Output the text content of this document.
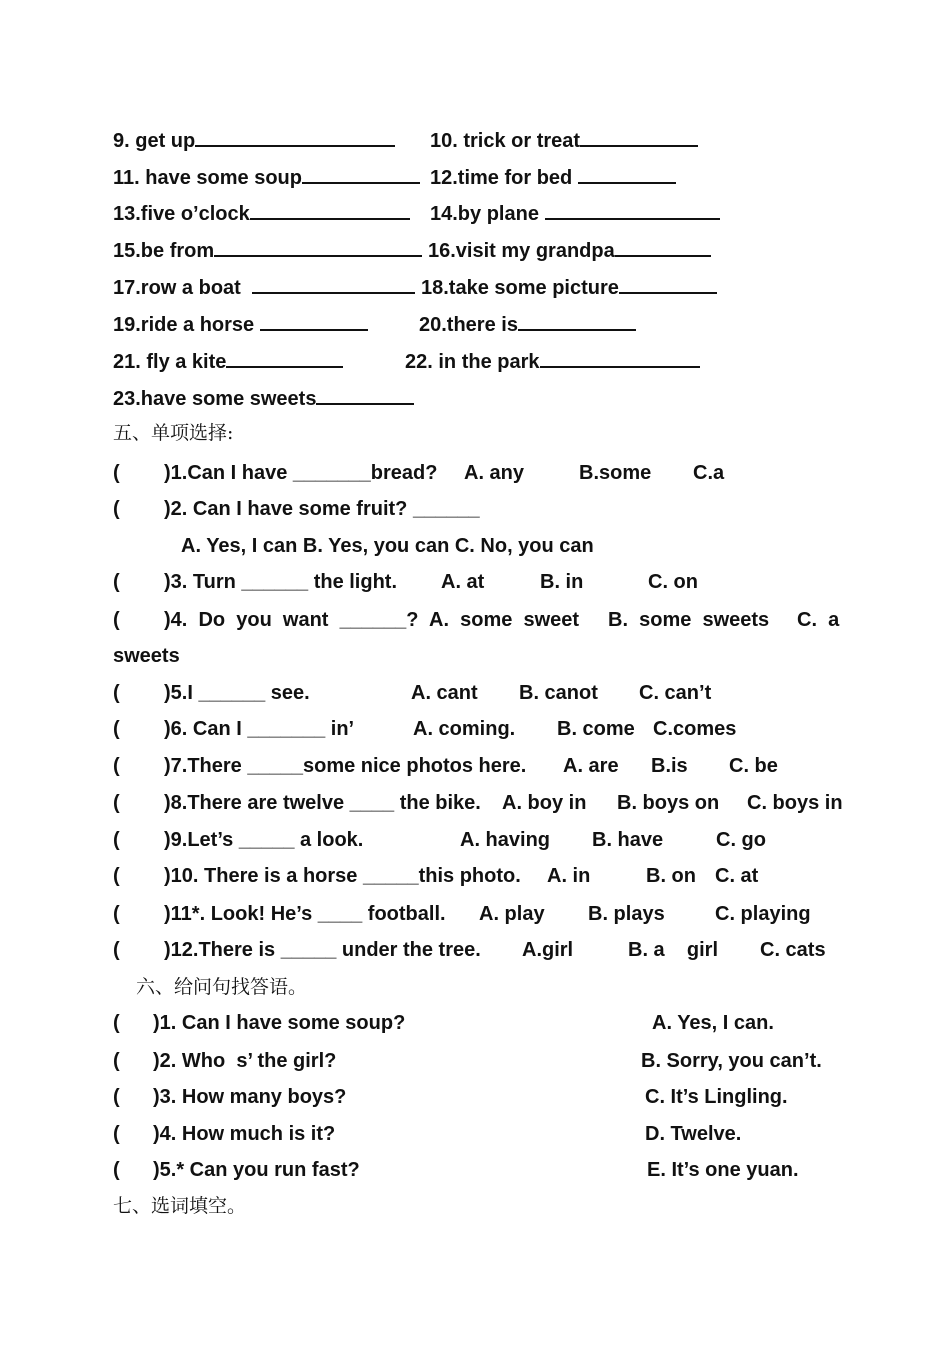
9. get up	10. trick or treat
11. have some soup	12.time for bed
13.five o’clock	14.by plane
15.be from	16.visit my grandpa
17.row a boat	18.take some picture
19.ride a horse	20.there is
21. fly a kite	22. in the park
23.have some sweets
五、单项选择:
( )1.Can I have _______bread? A. any	B.some C.a
( )2. Can I have some fruit? ______
A. Yes, I can B. Yes, you can C. No, you can
( )3. Turn ______ the light. A. at	B. in	C. on
( )4.  Do  you  want  ______? A.  some  sweet B.  some  sweets C.  a
sweets
( )5.I ______ see.	A. cant B. canot C. can’t
( )6. Can I _______ in’	A. coming. B. come C.comes
( )7.There _____some nice photos here. A. are B.is C. be
( )8.There are twelve ____ the bike. A. boy in B. boys on C. boys in
( )9.Let’s _____ a look.	A. having B. have	C. go
( )10. There is a horse _____this photo. A. in	B. on C. at
( )11*. Look! He’s ____ football. A. play B. plays	C. playing
( )12.There is _____ under the tree. A.girl	B. a    girl C. cats
六、给问句找答语。
( )1. Can I have some soup?	A. Yes, I can.
( )2. Who  s’ the girl?	B. Sorry, you can’t.
( )3. How many boys?	C. It’s Lingling.
( )4. How much is it?	D. Twelve.
( )5.* Can you run fast?	E. It’s one yuan.
七、选词填空。
